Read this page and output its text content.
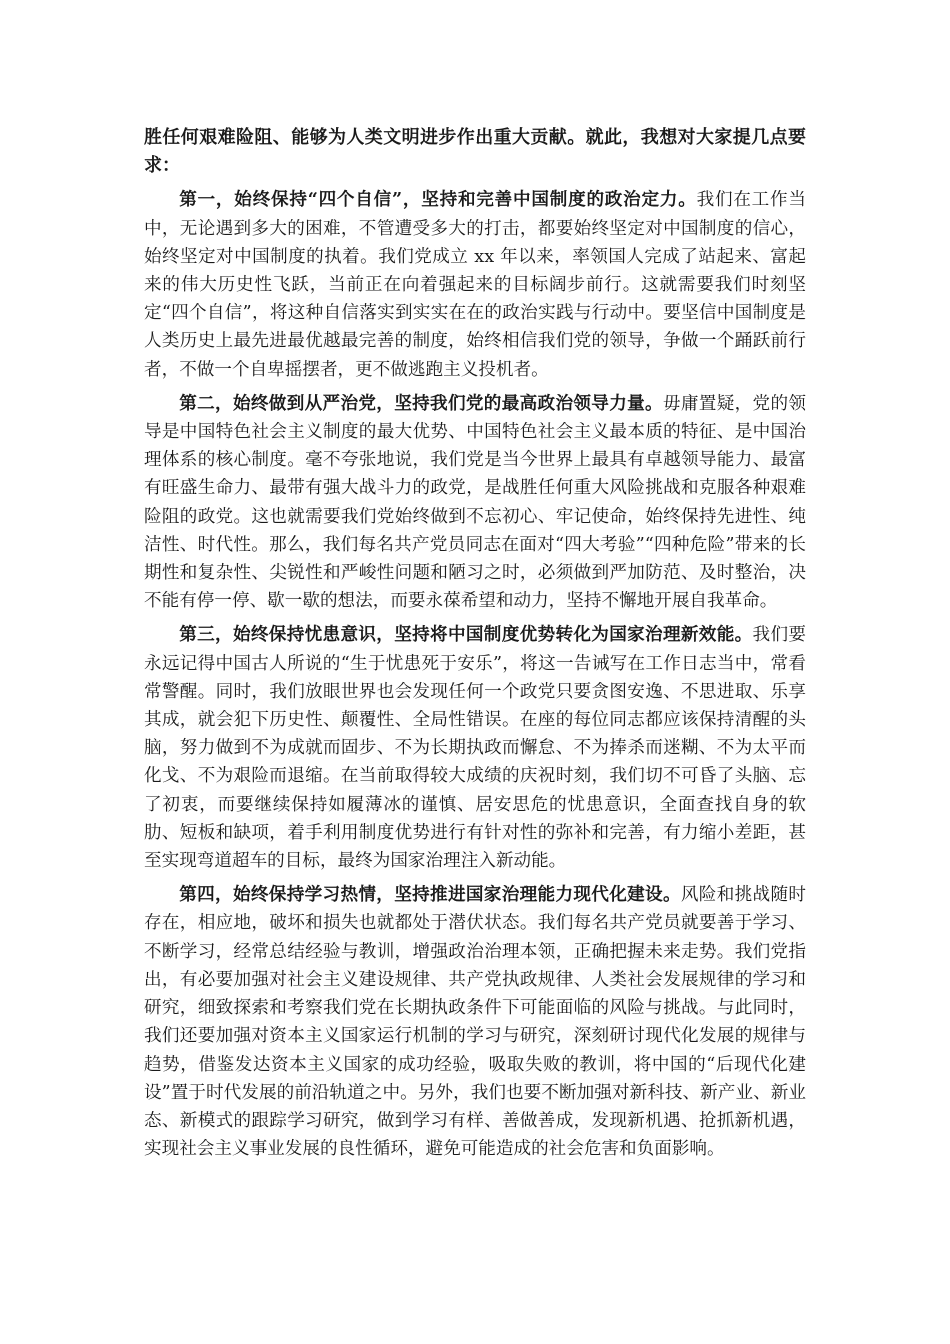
胜任何艰难险阻、能够为人类文明进步作出重大贡献。就此，我想对大家提几点要求：

第一，始终保持“四个自信”，坚持和完善中国制度的政治定力。我们在工作当中，无论遇到多大的困难，不管遭受多大的打击，都要始终坚定对中国制度的信心，始终坚定对中国制度的执着。我们党成立 xx 年以来，率领国人完成了站起来、富起来的伟大历史性飞跃，当前正在向着强起来的目标阔步前行。这就需要我们时刻坚定“四个自信”，将这种自信落实到实实在在的政治实践与行动中。要坚信中国制度是人类历史上最先进最优越最完善的制度，始终相信我们党的领导，争做一个踊跃前行者，不做一个自卑摇摆者，更不做逃跑主义投机者。

第二，始终做到从严治党，坚持我们党的最高政治领导力量。毋庸置疑，党的领导是中国特色社会主义制度的最大优势、中国特色社会主义最本质的特征、是中国治理体系的核心制度。毫不夸张地说，我们党是当今世界上最具有卓越领导能力、最富有旺盛生命力、最带有强大战斗力的政党，是战胜任何重大风险挑战和克服各种艰难险阻的政党。这也就需要我们党始终做到不忘初心、牢记使命，始终保持先进性、纯洁性、时代性。那么，我们每名共产党员同志在面对“四大考验”“四种危险”带来的长期性和复杂性、尖锐性和严峻性问题和陋习之时，必须做到严加防范、及时整治，决不能有停一停、歇一歇的想法，而要永葆希望和动力，坚持不懈地开展自我革命。

第三，始终保持忧患意识，坚持将中国制度优势转化为国家治理新效能。我们要永远记得中国古人所说的“生于忧患死于安乐”，将这一告诫写在工作日志当中，常看常警醒。同时，我们放眼世界也会发现任何一个政党只要贪图安逸、不思进取、乐享其成，就会犯下历史性、颠覆性、全局性错误。在座的每位同志都应该保持清醒的头脑，努力做到不为成就而固步、不为长期执政而懈怠、不为捧杀而迷糊、不为太平而化戈、不为艰险而退缩。在当前取得较大成绩的庆祝时刻，我们切不可昏了头脑、忘了初衷，而要继续保持如履薄冰的谨慎、居安思危的忧患意识，全面查找自身的软肋、短板和缺项，着手利用制度优势进行有针对性的弥补和完善，有力缩小差距，甚至实现弯道超车的目标，最终为国家治理注入新动能。

第四，始终保持学习热情，坚持推进国家治理能力现代化建设。风险和挑战随时存在，相应地，破坏和损失也就都处于潜伏状态。我们每名共产党员就要善于学习、不断学习，经常总结经验与教训，增强政治治理本领，正确把握未来走势。我们党指出，有必要加强对社会主义建设规律、共产党执政规律、人类社会发展规律的学习和研究，细致探索和考察我们党在长期执政条件下可能面临的风险与挑战。与此同时，我们还要加强对资本主义国家运行机制的学习与研究，深刻研讨现代化发展的规律与趋势，借鉴发达资本主义国家的成功经验，吸取失败的教训，将中国的“后现代化建设”置于时代发展的前沿轨道之中。另外，我们也要不断加强对新科技、新产业、新业态、新模式的跟踪学习研究，做到学习有样、善做善成，发现新机遇、抢抓新机遇，实现社会主义事业发展的良性循环，避免可能造成的社会危害和负面影响。
